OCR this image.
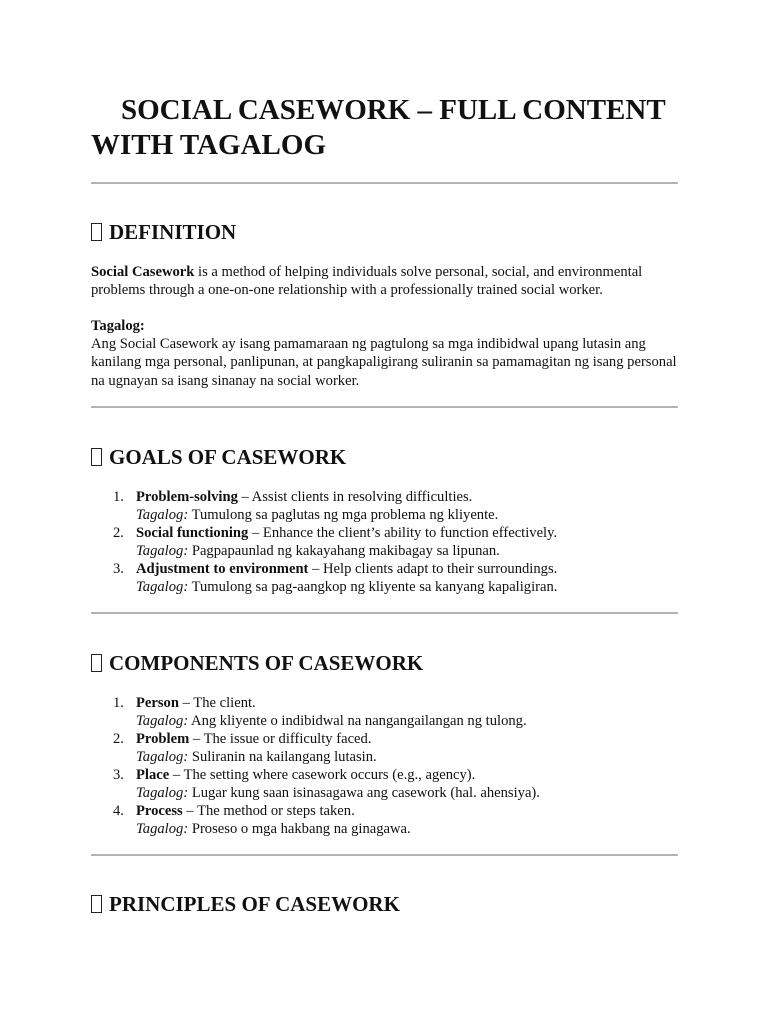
SOCIAL CASEWORK – FULL CONTENT WITH TAGALOG
DEFINITION

Social Casework is a method of helping individuals solve personal, social, and environmental problems through a one-on-one relationship with a professionally trained social worker.

Tagalog:
Ang Social Casework ay isang pamamaraan ng pagtulong sa mga indibidwal upang lutasin ang kanilang mga personal, panlipunan, at pangkapaligirang suliranin sa pamamagitan ng isang personal na ugnayan sa isang sinanay na social worker.

GOALS OF CASEWORK
1. Problem-solving – Assist clients in resolving difficulties.
Tagalog: Tumulong sa paglutas ng mga problema ng kliyente.
2. Social functioning – Enhance the client’s ability to function effectively.
Tagalog: Pagpapaunlad ng kakayahang makibagay sa lipunan.
3. Adjustment to environment – Help clients adapt to their surroundings.
Tagalog: Tumulong sa pag-aangkop ng kliyente sa kanyang kapaligiran.
COMPONENTS OF CASEWORK
1. Person – The client.
Tagalog: Ang kliyente o indibidwal na nangangailangan ng tulong.
2. Problem – The issue or difficulty faced.
Tagalog: Suliranin na kailangang lutasin.
3. Place – The setting where casework occurs (e.g., agency).
Tagalog: Lugar kung saan isinasagawa ang casework (hal. ahensiya).
4. Process – The method or steps taken.
Tagalog: Proseso o mga hakbang na ginagawa.
PRINCIPLES OF CASEWORK
